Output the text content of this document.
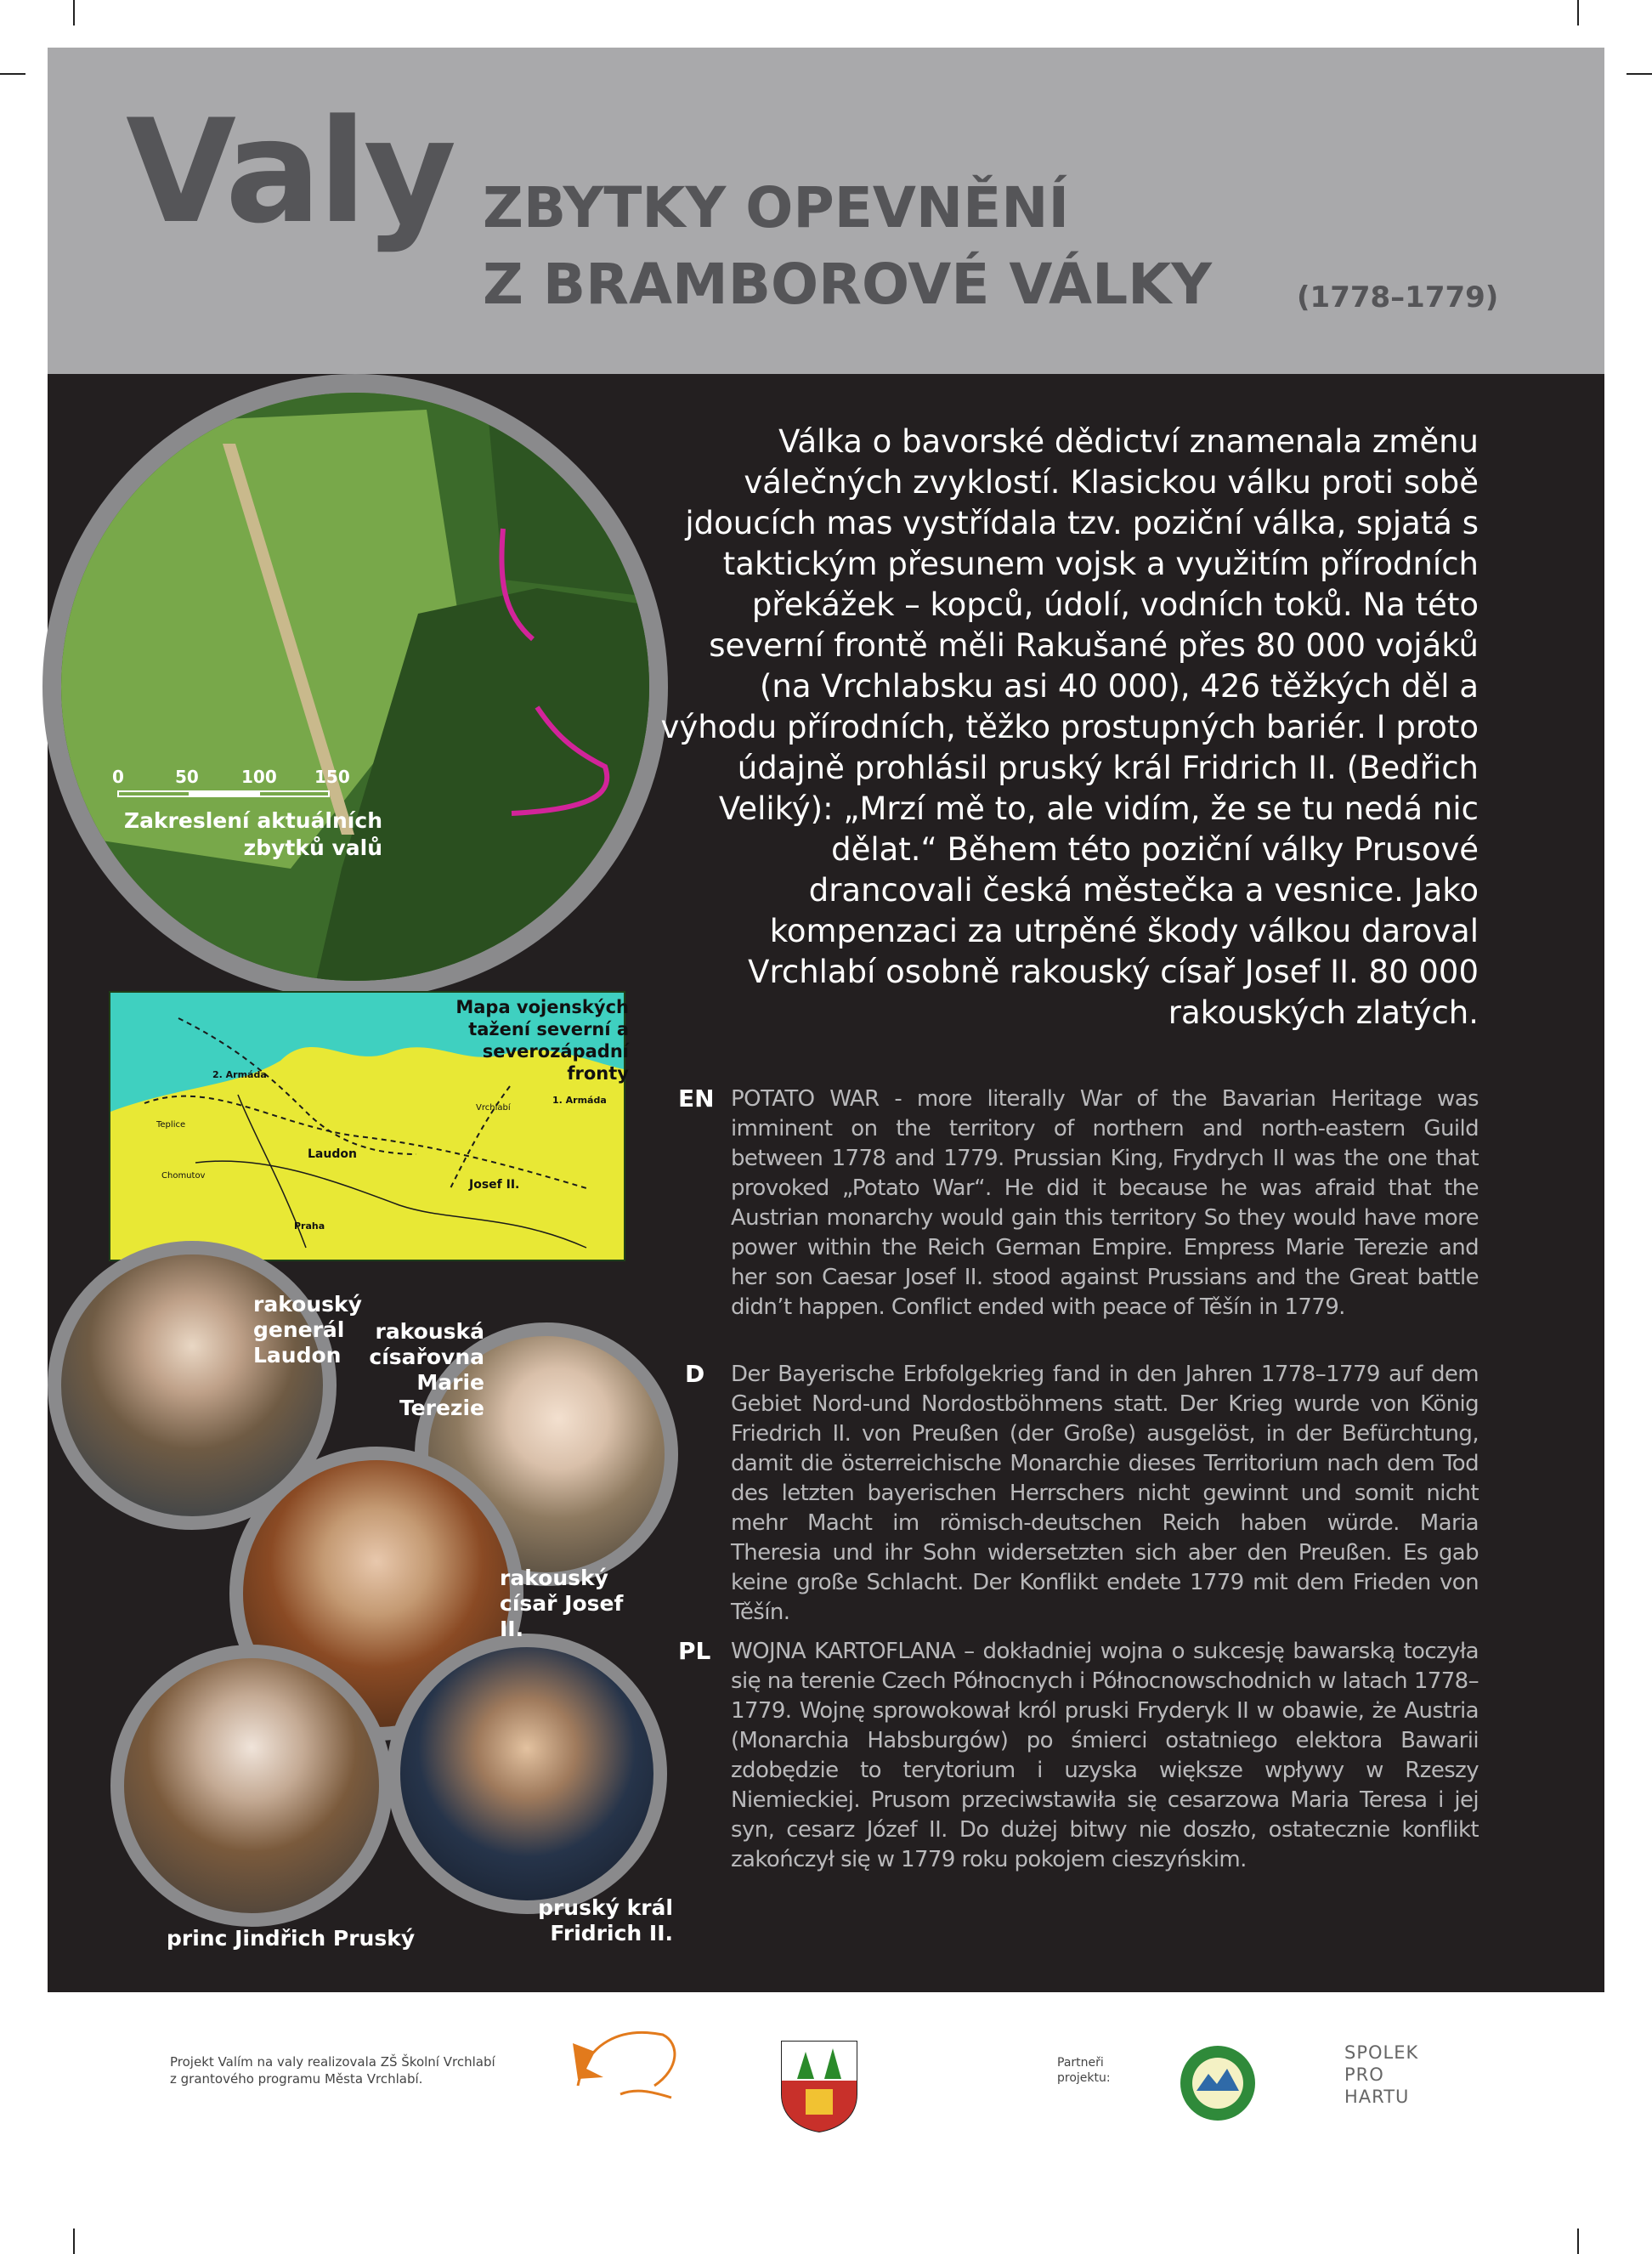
Valy ZBYTKY OPEVNĚNÍ
Z BRAMBOROVÉ VÁLKY	(1778–1779)
0	50	100 150
Zakreslení aktuálních zbytků valů
Válka o bavorské dědictví znamenala změnu válečných zvyklostí. Klasickou válku proti sobě jdoucích mas vystřídala tzv. poziční válka, spjatá s taktickým přesunem vojsk a využitím přírodních překážek – kopců, údolí, vodních toků. Na této severní frontě měli Rakušané přes 80 000 vojáků (na Vrchlabsku asi 40 000), 426 těžkých děl a výhodu přírodních, těžko prostupných bariér. I proto údajně prohlásil pruský král Fridrich II. (Bedřich Veliký): „Mrzí mě to, ale vidím, že se tu nedá nic dělat.“ Během této poziční války Prusové drancovali česká městečka a vesnice. Jako kompenzaci za utrpěné škody válkou daroval Vrchlabí osobně rakouský císař Josef II. 80 000 rakouských zlatých.
Laudon
Josef II.
2. Armáda
1. Armáda
Praha
Vrchlabí
Teplice
Chomutov
Mapa vojenských tažení severní a severozápadní fronty
rakouský generál Laudon
rakouská císařovna Marie Terezie
rakouský císař Josef II.
princ Jindřich Pruský
pruský král Fridrich II.
EN POTATO WAR - more literally War of the Bavarian Heritage was imminent on the territory of northern and north-eastern Guild between 1778 and 1779. Prussian King, Frydrych II was the one that provoked „Potato War“. He did it because he was afraid that the Austrian monarchy would gain this territory So they would have more power within the Reich German Empire. Empress Marie Terezie and her son Caesar Josef II. stood against Prussians and the Great battle didn’t happen. Conflict ended with peace of Těšín in 1779.
D Der Bayerische Erbfolgekrieg fand in den Jahren 1778–1779 auf dem Gebiet Nord-und Nordostböhmens statt. Der Krieg wurde von König Friedrich II. von Preußen (der Große) ausgelöst, in der Befürchtung, damit die österreichische Monarchie dieses Territorium nach dem Tod des letzten bayerischen Herrschers nicht gewinnt und somit nicht mehr Macht im römisch-deutschen Reich haben würde. Maria Theresia und ihr Sohn widersetzten sich aber den Preußen. Es gab keine große Schlacht. Der Konflikt endete 1779 mit dem Frieden von Těšín.
PL WOJNA KARTOFLANA – dokładniej wojna o sukcesję bawarską toczyła się na terenie Czech Północnych i Północnowschodnich w latach 1778–1779. Wojnę sprowokował król pruski Fryderyk II w obawie, że Austria (Monarchia Habsburgów) po śmierci ostatniego elektora Bawarii zdobędzie to terytorium i uzyska większe wpływy w Rzeszy Niemieckiej. Prusom przeciwstawiła się cesarzowa Maria Teresa i jej syn, cesarz Józef II. Do dużej bitwy nie doszło, ostatecznie konflikt zakończył się w 1779 roku pokojem cieszyńskim.
Projekt Valím na valy realizovala ZŠ Školní Vrchlabí
z grantového programu Města Vrchlabí.
Partneři
projektu:
SPOLEK
PRO
HARTU
